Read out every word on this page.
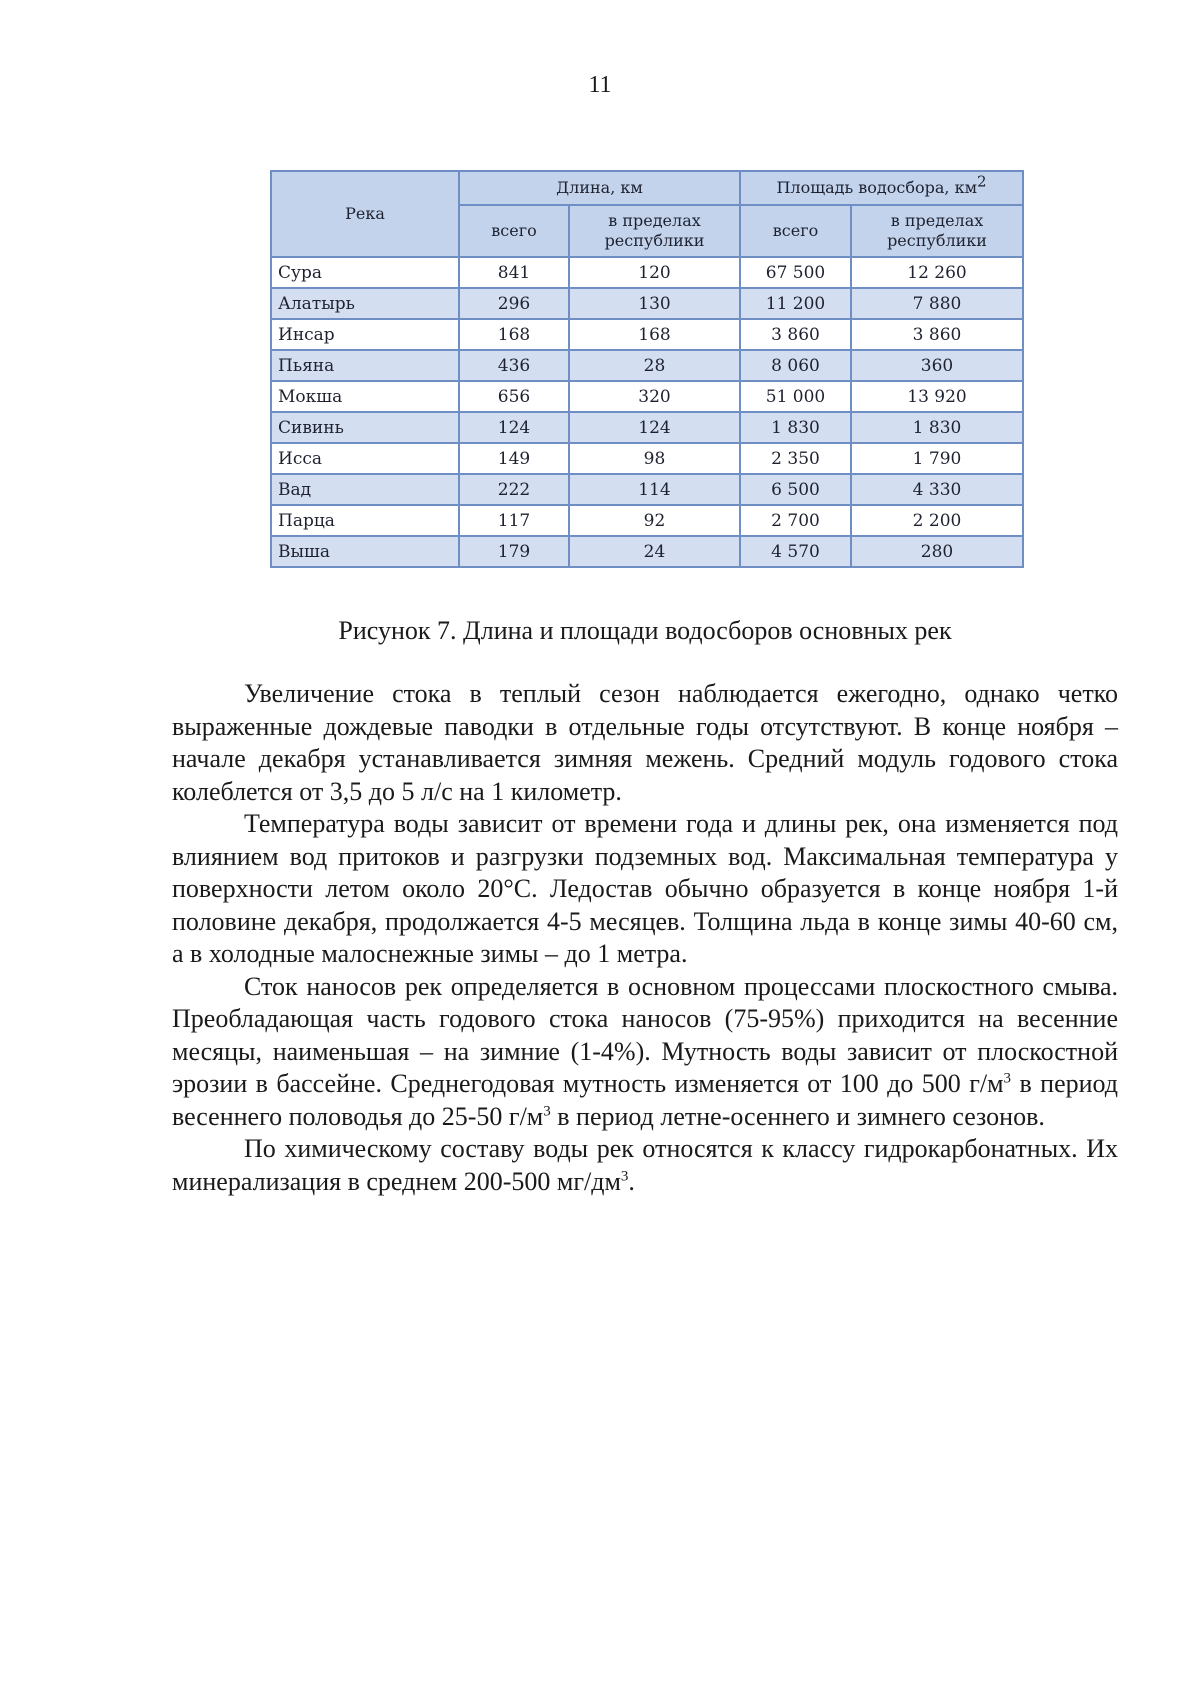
11
Река	Длина, км		Площадь водосбора, $км^2$
	всего	в пределах республики	всего	в пределах республики
Сура	841	120	67 500	12 260
Алатырь	296	130	11 200	7 880
Инсар	168	168	3 860	3 860
Пьяна	436	28	8 060	360
Мокша	656	320	51 000	13 920
Сивинь	124	124	1 830	1 830
Исса	149	98	2 350	1 790
Вад	222	114	6 500	4 330
Парца	117	92	2 700	2 200
Выша	179	24	4 570	280
Рисунок 7. Длина и площади водосборов основных рек

Увеличение стока в теплый сезон наблюдается ежегодно, однако четко выраженные дождевые паводки в отдельные годы отсутствуют. В конце ноября – начале декабря устанавливается зимняя межень. Средний модуль годового стока колеблется от 3,5 до 5 л/с на 1 километр.

Температура воды зависит от времени года и длины рек, она изменяется под влиянием вод притоков и разгрузки подземных вод. Максимальная температура у поверхности летом около 20°С. Ледостав обычно образуется в конце ноября 1-й половине декабря, продолжается 4-5 месяцев. Толщина льда в конце зимы 40-60 см, а в холодные малоснежные зимы – до 1 метра.

Сток наносов рек определяется в основном процессами плоскостного смыва. Преобладающая часть годового стока наносов (75-95%) приходится на весенние месяцы, наименьшая – на зимние (1-4%). Мутность воды зависит от плоскостной эрозии в бассейне. Среднегодовая мутность изменяется от 100 до 500 $г/м^3$ в период весеннего половодья до 25-50 $г/м^3$ в период летне-осеннего и зимнего сезонов.

По химическому составу воды рек относятся к классу гидрокарбонатных. Их минерализация в среднем 200-500 $мг/дм^3$.
